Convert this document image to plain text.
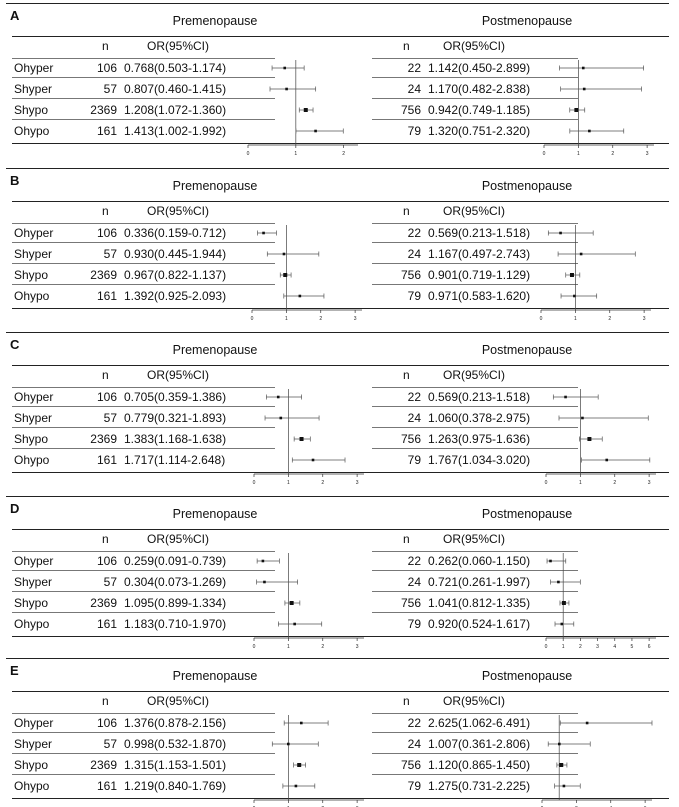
A	Premenopause	Postmenopause
n	OR(95%CI)
Ohyper	106 0.768(0.503-1.174)
Shyper	57 0.807(0.460-1.415)
Shypo	2369 1.208(1.072-1.360)
Ohypo	161 1.413(1.002-1.992)
0	1	2
n	OR(95%CI)
22 1.142(0.450-2.899)
24 1.170(0.482-2.838)
756 0.942(0.749-1.185)
79 1.320(0.751-2.320)
0	1	2	3
B	Premenopause	Postmenopause
n	OR(95%CI)
Ohyper	106 0.336(0.159-0.712)
Shyper	57 0.930(0.445-1.944)
Shypo	2369 0.967(0.822-1.137)
Ohypo	161 1.392(0.925-2.093)
0	1	2	3
n	OR(95%CI)
22 0.569(0.213-1.518)
24 1.167(0.497-2.743)
756 0.901(0.719-1.129)
79 0.971(0.583-1.620)
0	1	2	3
C	Premenopause	Postmenopause
n	OR(95%CI)
Ohyper	106 0.705(0.359-1.386)
Shyper	57 0.779(0.321-1.893)
Shypo	2369 1.383(1.168-1.638)
Ohypo	161 1.717(1.114-2.648)
0	1	2	3
n	OR(95%CI)
22 0.569(0.213-1.518)
24 1.060(0.378-2.975)
756 1.263(0.975-1.636)
79 1.767(1.034-3.020)
0	1	2	3
D	Premenopause	Postmenopause
n	OR(95%CI)
Ohyper	106 0.259(0.091-0.739)
Shyper	57 0.304(0.073-1.269)
Shypo	2369 1.095(0.899-1.334)
Ohypo	161 1.183(0.710-1.970)
0	1	2	3
n	OR(95%CI)
22 0.262(0.060-1.150)
24 0.721(0.261-1.997)
756 1.041(0.812-1.335)
79 0.920(0.524-1.617)
0	1	2	3	4	5	6
E	Premenopause	Postmenopause
n	OR(95%CI)
Ohyper	106 1.376(0.878-2.156)
Shyper	57 0.998(0.532-1.870)
Shypo	2369 1.315(1.153-1.501)
Ohypo	161 1.219(0.840-1.769)
n	OR(95%CI)
22 2.625(1.062-6.491)
24 1.007(0.361-2.806)
756 1.120(0.865-1.450)
79 1.275(0.731-2.225)
